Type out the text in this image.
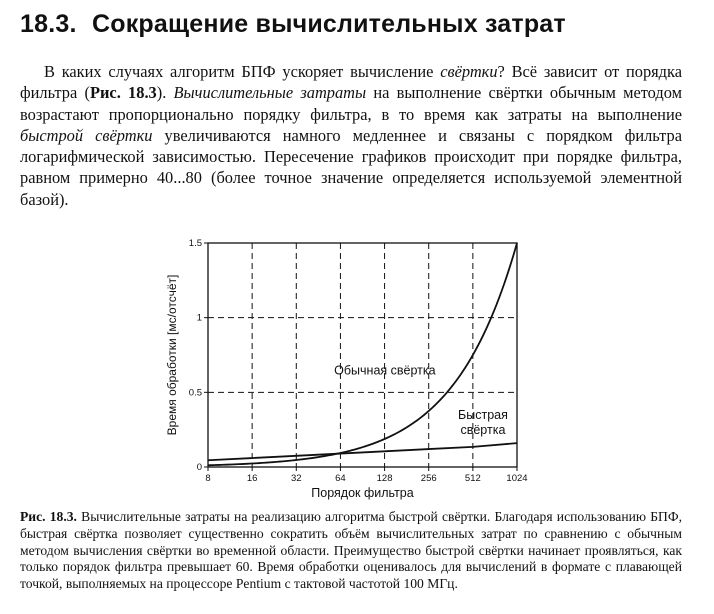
18.3. Сокращение вычислительных затрат
В каких случаях алгоритм БПФ ускоряет вычисление свёртки? Всё зависит от порядка фильтра (Рис. 18.3). Вычислительные затраты на выполнение свёртки обычным методом возрастают пропорционально порядку фильтра, в то время как затраты на выполнение быстрой свёртки увеличиваются намного медленнее и связаны с порядком фильтра логарифмической зависимостью. Пересечение графиков происходит при порядке фильтра, равном примерно 40...80 (более точное значение определяется используемой элементной базой).
8	16	32	64	128	256	512	1024
0
0.5
1
1.5
Обычная свёртка
Быстрая
свёртка
Порядок фильтра
Время обработки [мс/отсчёт]
Рис. 18.3. Вычислительные затраты на реализацию алгоритма быстрой свёртки. Благодаря использованию БПФ, быстрая свёртка позволяет существенно сократить объём вычислительных затрат по сравнению с обычным методом вычисления свёртки во временной области. Преимущество быстрой свёртки начинает проявляться, как только порядок фильтра превышает 60. Время обработки оценивалось для вычислений в формате с плавающей точкой, выполняемых на процессоре Pentium с тактовой частотой 100 МГц.
